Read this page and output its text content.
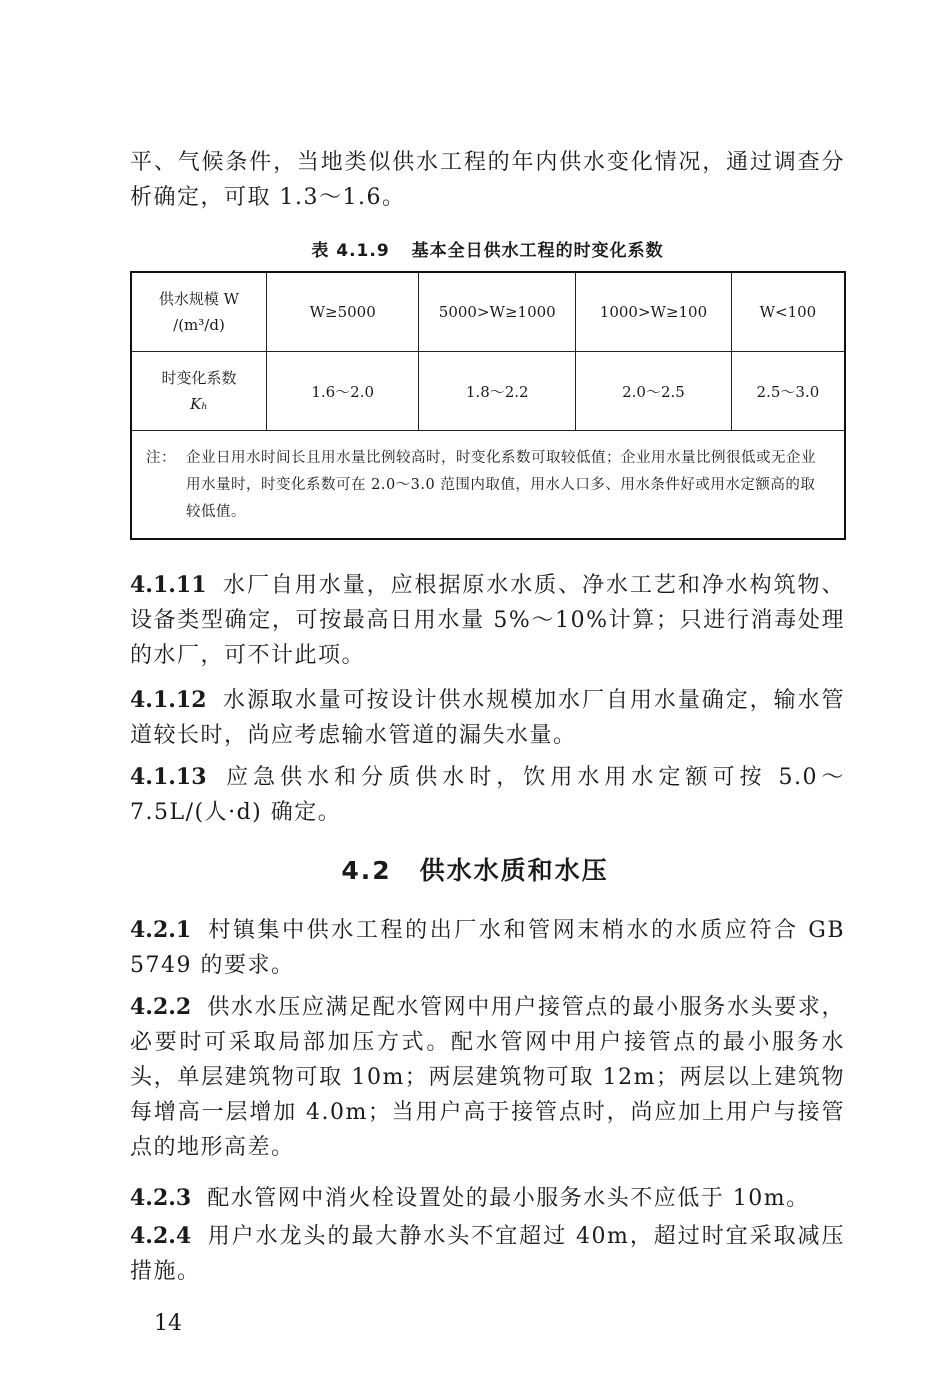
平、气候条件，当地类似供水工程的年内供水变化情况，通过调查分析确定，可取 1.3～1.6。
表 4.1.9 基本全日供水工程的时变化系数
供水规模 W
/(m³/d)	W≥5000	5000>W≥1000	1000>W≥100	W<100

时变化系数
Kₕ	1.6～2.0	1.8～2.2	2.0～2.5	2.5～3.0

注： 企业日用水时间长且用水量比例较高时，时变化系数可取较低值；企业用水量比例很低或无企业用水量时，时变化系数可在 2.0～3.0 范围内取值，用水人口多、用水条件好或用水定额高的取较低值。				
4.1.11 水厂自用水量，应根据原水水质、净水工艺和净水构筑物、设备类型确定，可按最高日用水量 5%～10%计算；只进行消毒处理的水厂，可不计此项。
4.1.12 水源取水量可按设计供水规模加水厂自用水量确定，输水管道较长时，尚应考虑输水管道的漏失水量。
4.1.13 应急供水和分质供水时，饮用水用水定额可按 5.0～7.5L/(人·d) 确定。
4.2 供水水质和水压
4.2.1 村镇集中供水工程的出厂水和管网末梢水的水质应符合 GB 5749 的要求。
4.2.2 供水水压应满足配水管网中用户接管点的最小服务水头要求，必要时可采取局部加压方式。配水管网中用户接管点的最小服务水头，单层建筑物可取 10m；两层建筑物可取 12m；两层以上建筑物每增高一层增加 4.0m；当用户高于接管点时，尚应加上用户与接管点的地形高差。
4.2.3 配水管网中消火栓设置处的最小服务水头不应低于 10m。
4.2.4 用户水龙头的最大静水头不宜超过 40m，超过时宜采取减压措施。
14
